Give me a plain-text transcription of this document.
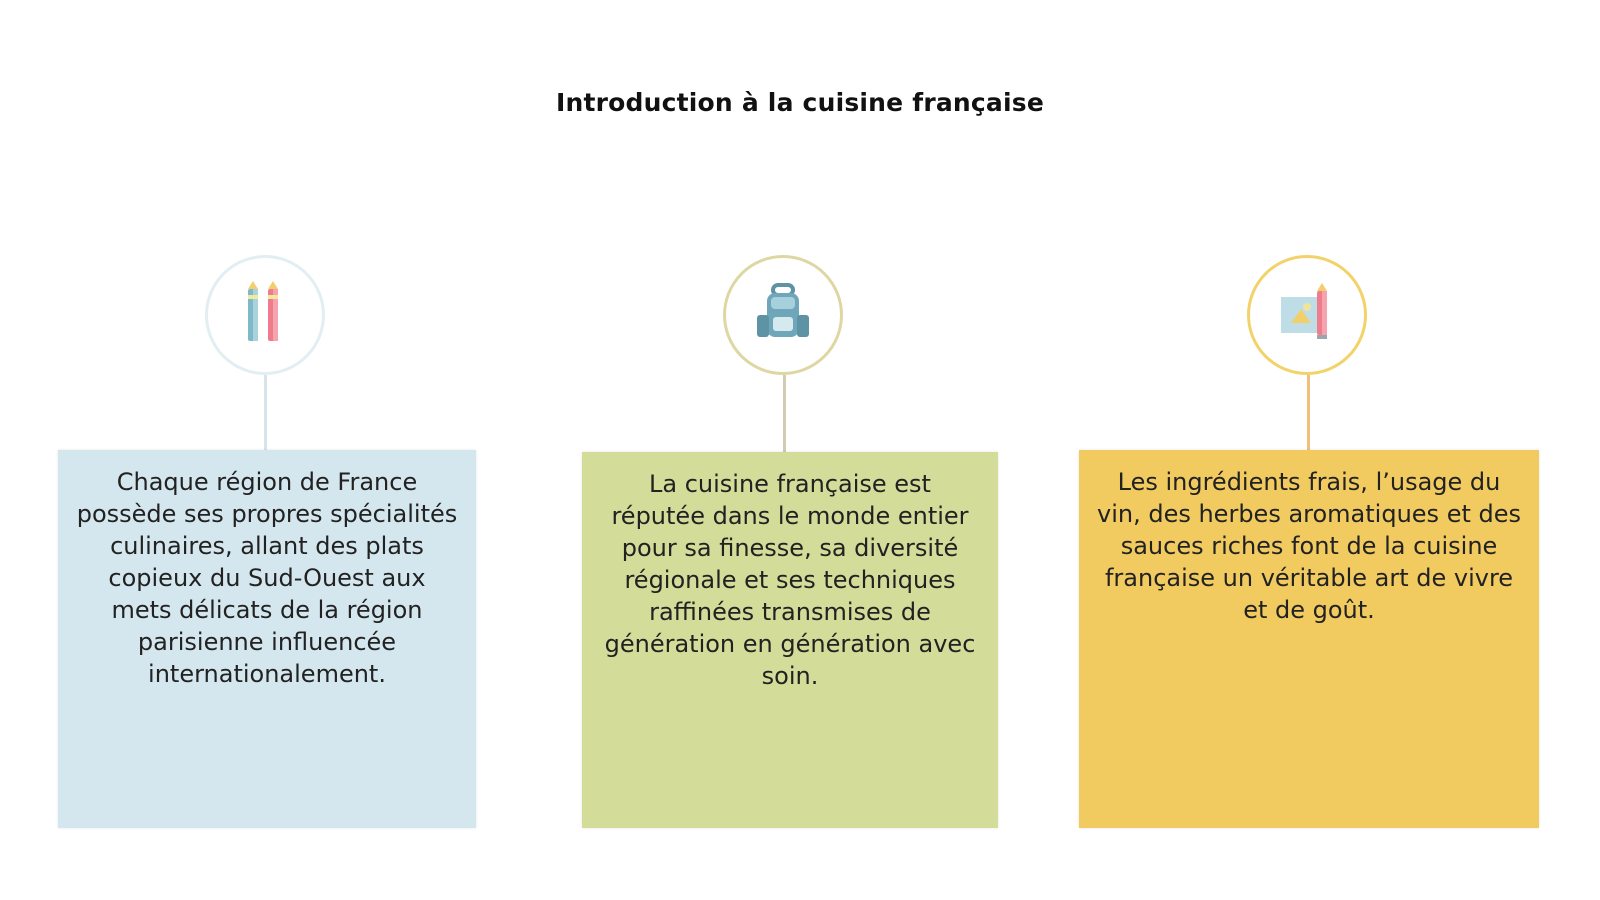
Introduction à la cuisine française
Chaque région de France possède ses propres spécialités culinaires, allant des plats copieux du Sud-Ouest aux mets délicats de la région parisienne influencée internationalement.
La cuisine française est réputée dans le monde entier pour sa finesse, sa diversité régionale et ses techniques raffinées transmises de génération en génération avec soin.
Les ingrédients frais, l’usage du vin, des herbes aromatiques et des sauces riches font de la cuisine française un véritable art de vivre et de goût.
